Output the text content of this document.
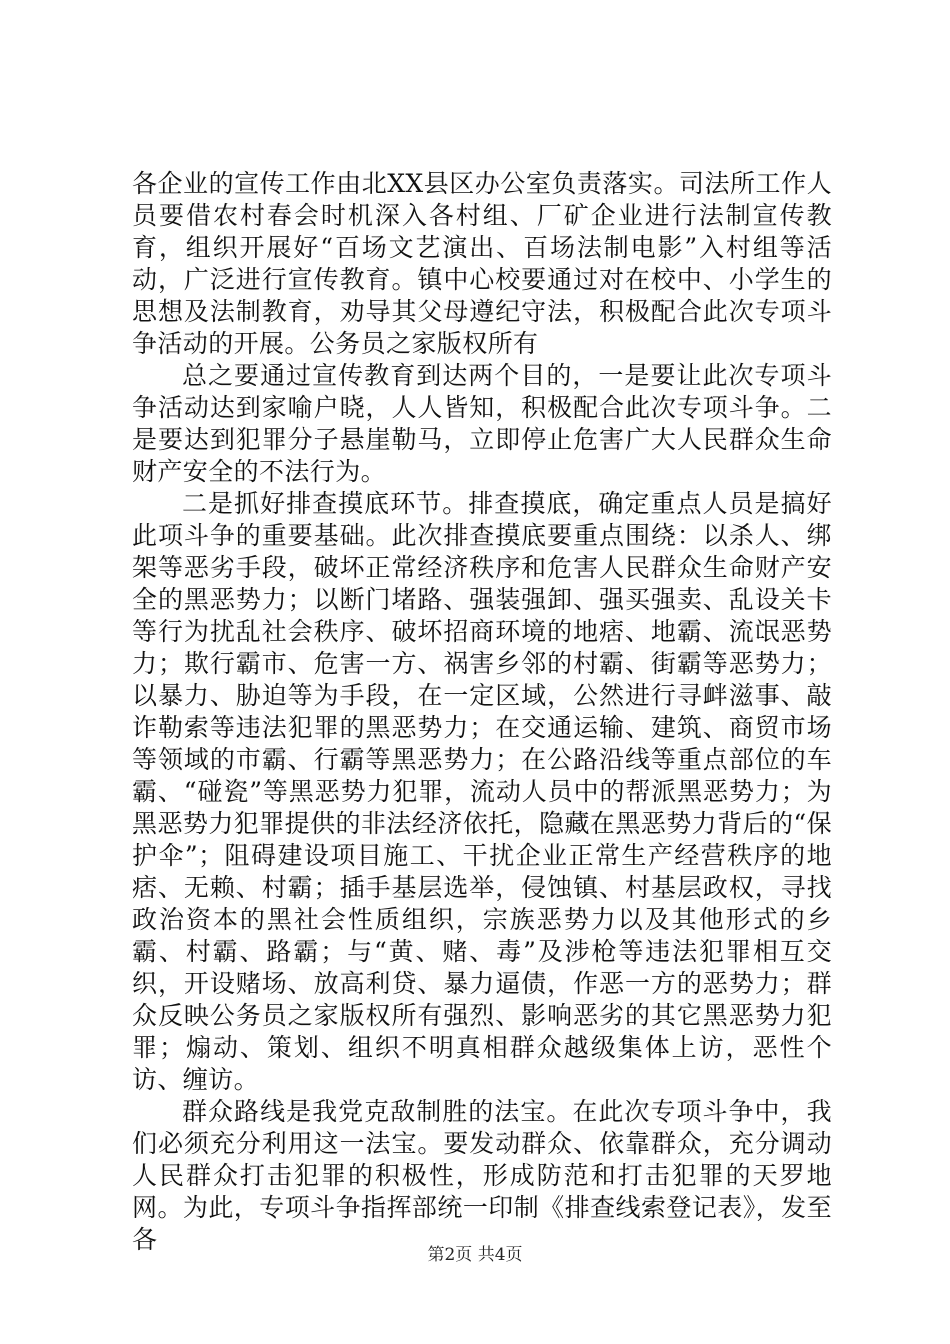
各企业的宣传工作由北XX县区办公室负责落实。司法所工作人员要借农村春会时机深入各村组、厂矿企业进行法制宣传教育，组织开展好“百场文艺演出、百场法制电影”入村组等活动，广泛进行宣传教育。镇中心校要通过对在校中、小学生的思想及法制教育，劝导其父母遵纪守法，积极配合此次专项斗争活动的开展。公务员之家版权所有

总之要通过宣传教育到达两个目的，一是要让此次专项斗争活动达到家喻户晓，人人皆知，积极配合此次专项斗争。二是要达到犯罪分子悬崖勒马，立即停止危害广大人民群众生命财产安全的不法行为。

二是抓好排查摸底环节。排查摸底，确定重点人员是搞好此项斗争的重要基础。此次排查摸底要重点围绕：以杀人、绑架等恶劣手段，破坏正常经济秩序和危害人民群众生命财产安全的黑恶势力；以断门堵路、强装强卸、强买强卖、乱设关卡等行为扰乱社会秩序、破坏招商环境的地痞、地霸、流氓恶势力；欺行霸市、危害一方、祸害乡邻的村霸、街霸等恶势力；以暴力、胁迫等为手段，在一定区域，公然进行寻衅滋事、敲诈勒索等违法犯罪的黑恶势力；在交通运输、建筑、商贸市场等领域的市霸、行霸等黑恶势力；在公路沿线等重点部位的车霸、“碰瓷”等黑恶势力犯罪，流动人员中的帮派黑恶势力；为黑恶势力犯罪提供的非法经济依托，隐藏在黑恶势力背后的“保护伞”；阻碍建设项目施工、干扰企业正常生产经营秩序的地痞、无赖、村霸；插手基层选举，侵蚀镇、村基层政权，寻找政治资本的黑社会性质组织，宗族恶势力以及其他形式的乡霸、村霸、路霸；与“黄、赌、毒”及涉枪等违法犯罪相互交织，开设赌场、放高利贷、暴力逼债，作恶一方的恶势力；群众反映公务员之家版权所有强烈、影响恶劣的其它黑恶势力犯罪；煽动、策划、组织不明真相群众越级集体上访，恶性个访、缠访。

群众路线是我党克敌制胜的法宝。在此次专项斗争中，我们必须充分利用这一法宝。要发动群众、依靠群众，充分调动人民群众打击犯罪的积极性，形成防范和打击犯罪的天罗地网。为此，专项斗争指挥部统一印制《排查线索登记表》，发至各

第2页 共4页
